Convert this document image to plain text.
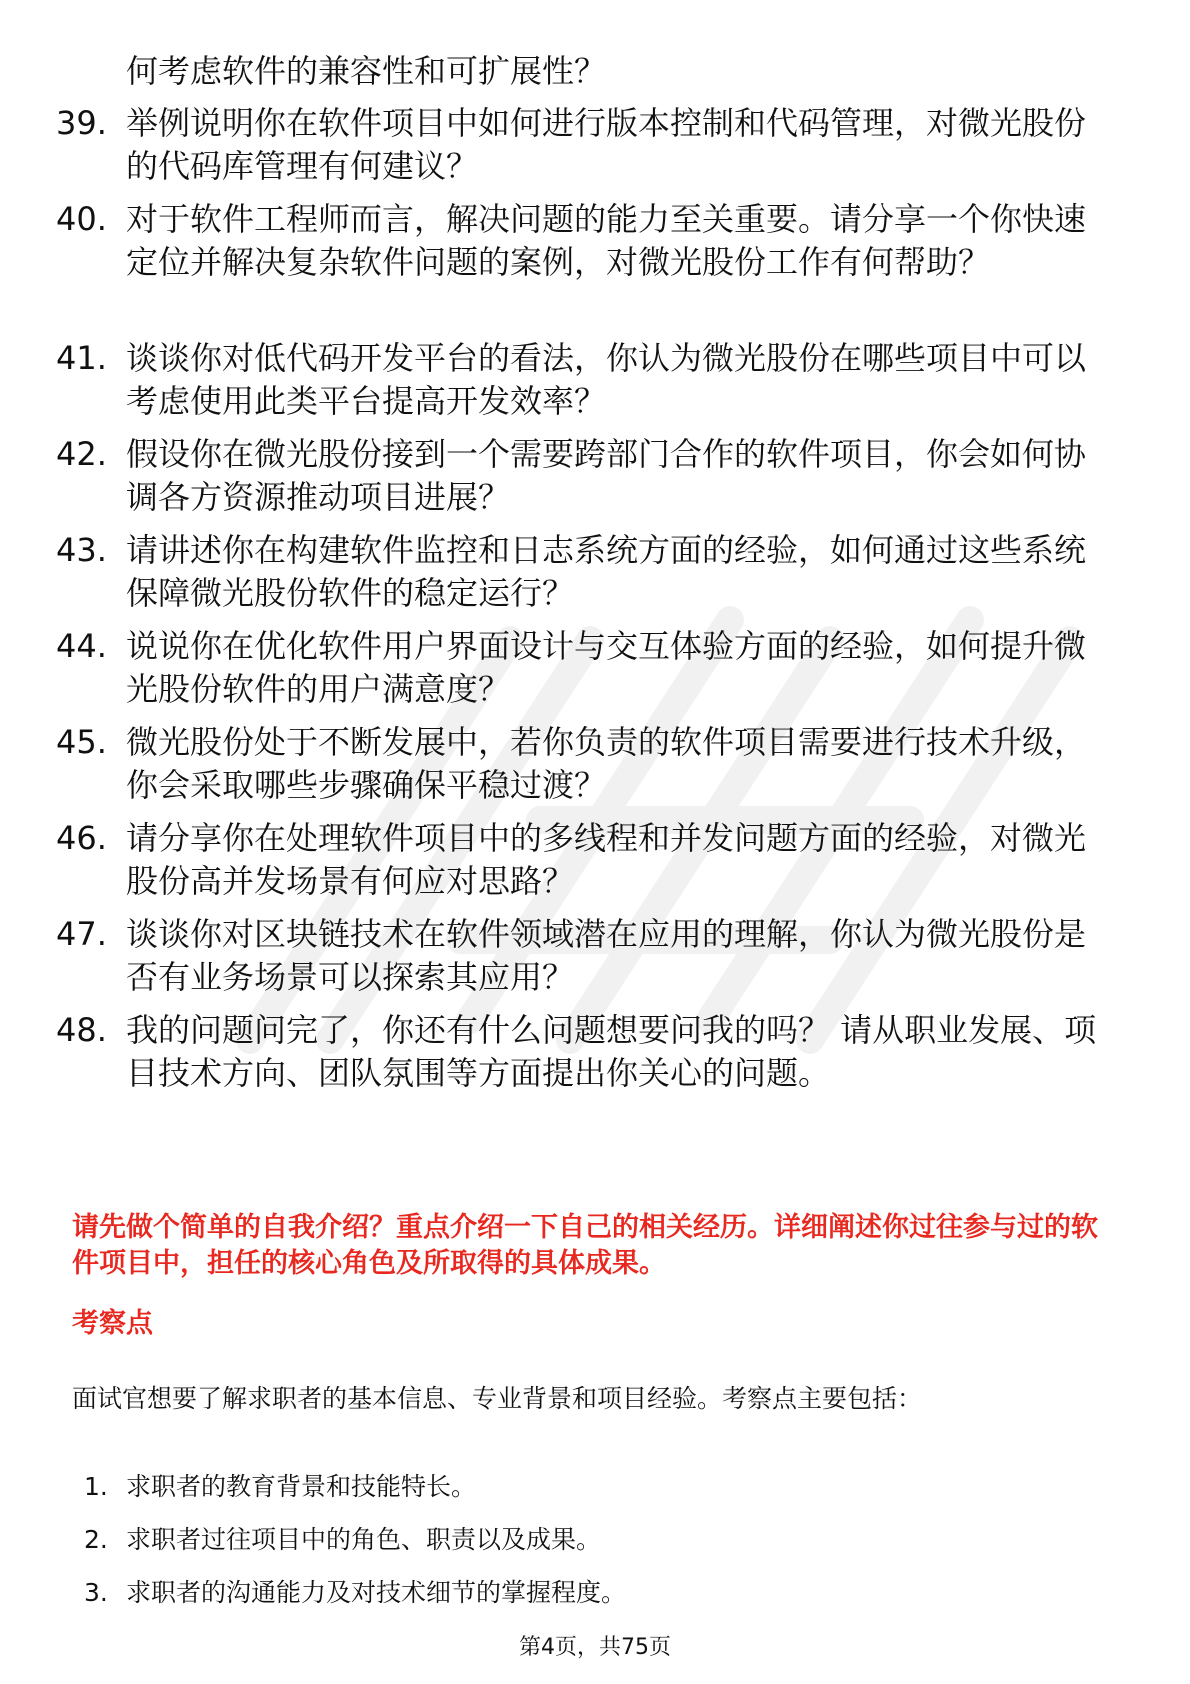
何考虑软件的兼容性和可扩展性？
39. 举例说明你在软件项目中如何进行版本控制和代码管理，对微光股份的代码库管理有何建议？
40. 对于软件工程师而言，解决问题的能力至关重要。请分享一个你快速定位并解决复杂软件问题的案例，对微光股份工作有何帮助？
41. 谈谈你对低代码开发平台的看法，你认为微光股份在哪些项目中可以考虑使用此类平台提高开发效率？
42. 假设你在微光股份接到一个需要跨部门合作的软件项目，你会如何协调各方资源推动项目进展？
43. 请讲述你在构建软件监控和日志系统方面的经验，如何通过这些系统保障微光股份软件的稳定运行？
44. 说说你在优化软件用户界面设计与交互体验方面的经验，如何提升微光股份软件的用户满意度？
45. 微光股份处于不断发展中，若你负责的软件项目需要进行技术升级，你会采取哪些步骤确保平稳过渡？
46. 请分享你在处理软件项目中的多线程和并发问题方面的经验，对微光股份高并发场景有何应对思路？
47. 谈谈你对区块链技术在软件领域潜在应用的理解，你认为微光股份是否有业务场景可以探索其应用？
48. 我的问题问完了，你还有什么问题想要问我的吗？ 请从职业发展、项目技术方向、团队氛围等方面提出你关心的问题。
请先做个简单的自我介绍？重点介绍一下自己的相关经历。详细阐述你过往参与过的软件项目中，担任的核心角色及所取得的具体成果。
考察点
面试官想要了解求职者的基本信息、专业背景和项目经验。考察点主要包括：
1. 求职者的教育背景和技能特长。
2. 求职者过往项目中的角色、职责以及成果。
3. 求职者的沟通能力及对技术细节的掌握程度。
第4页，共75页
